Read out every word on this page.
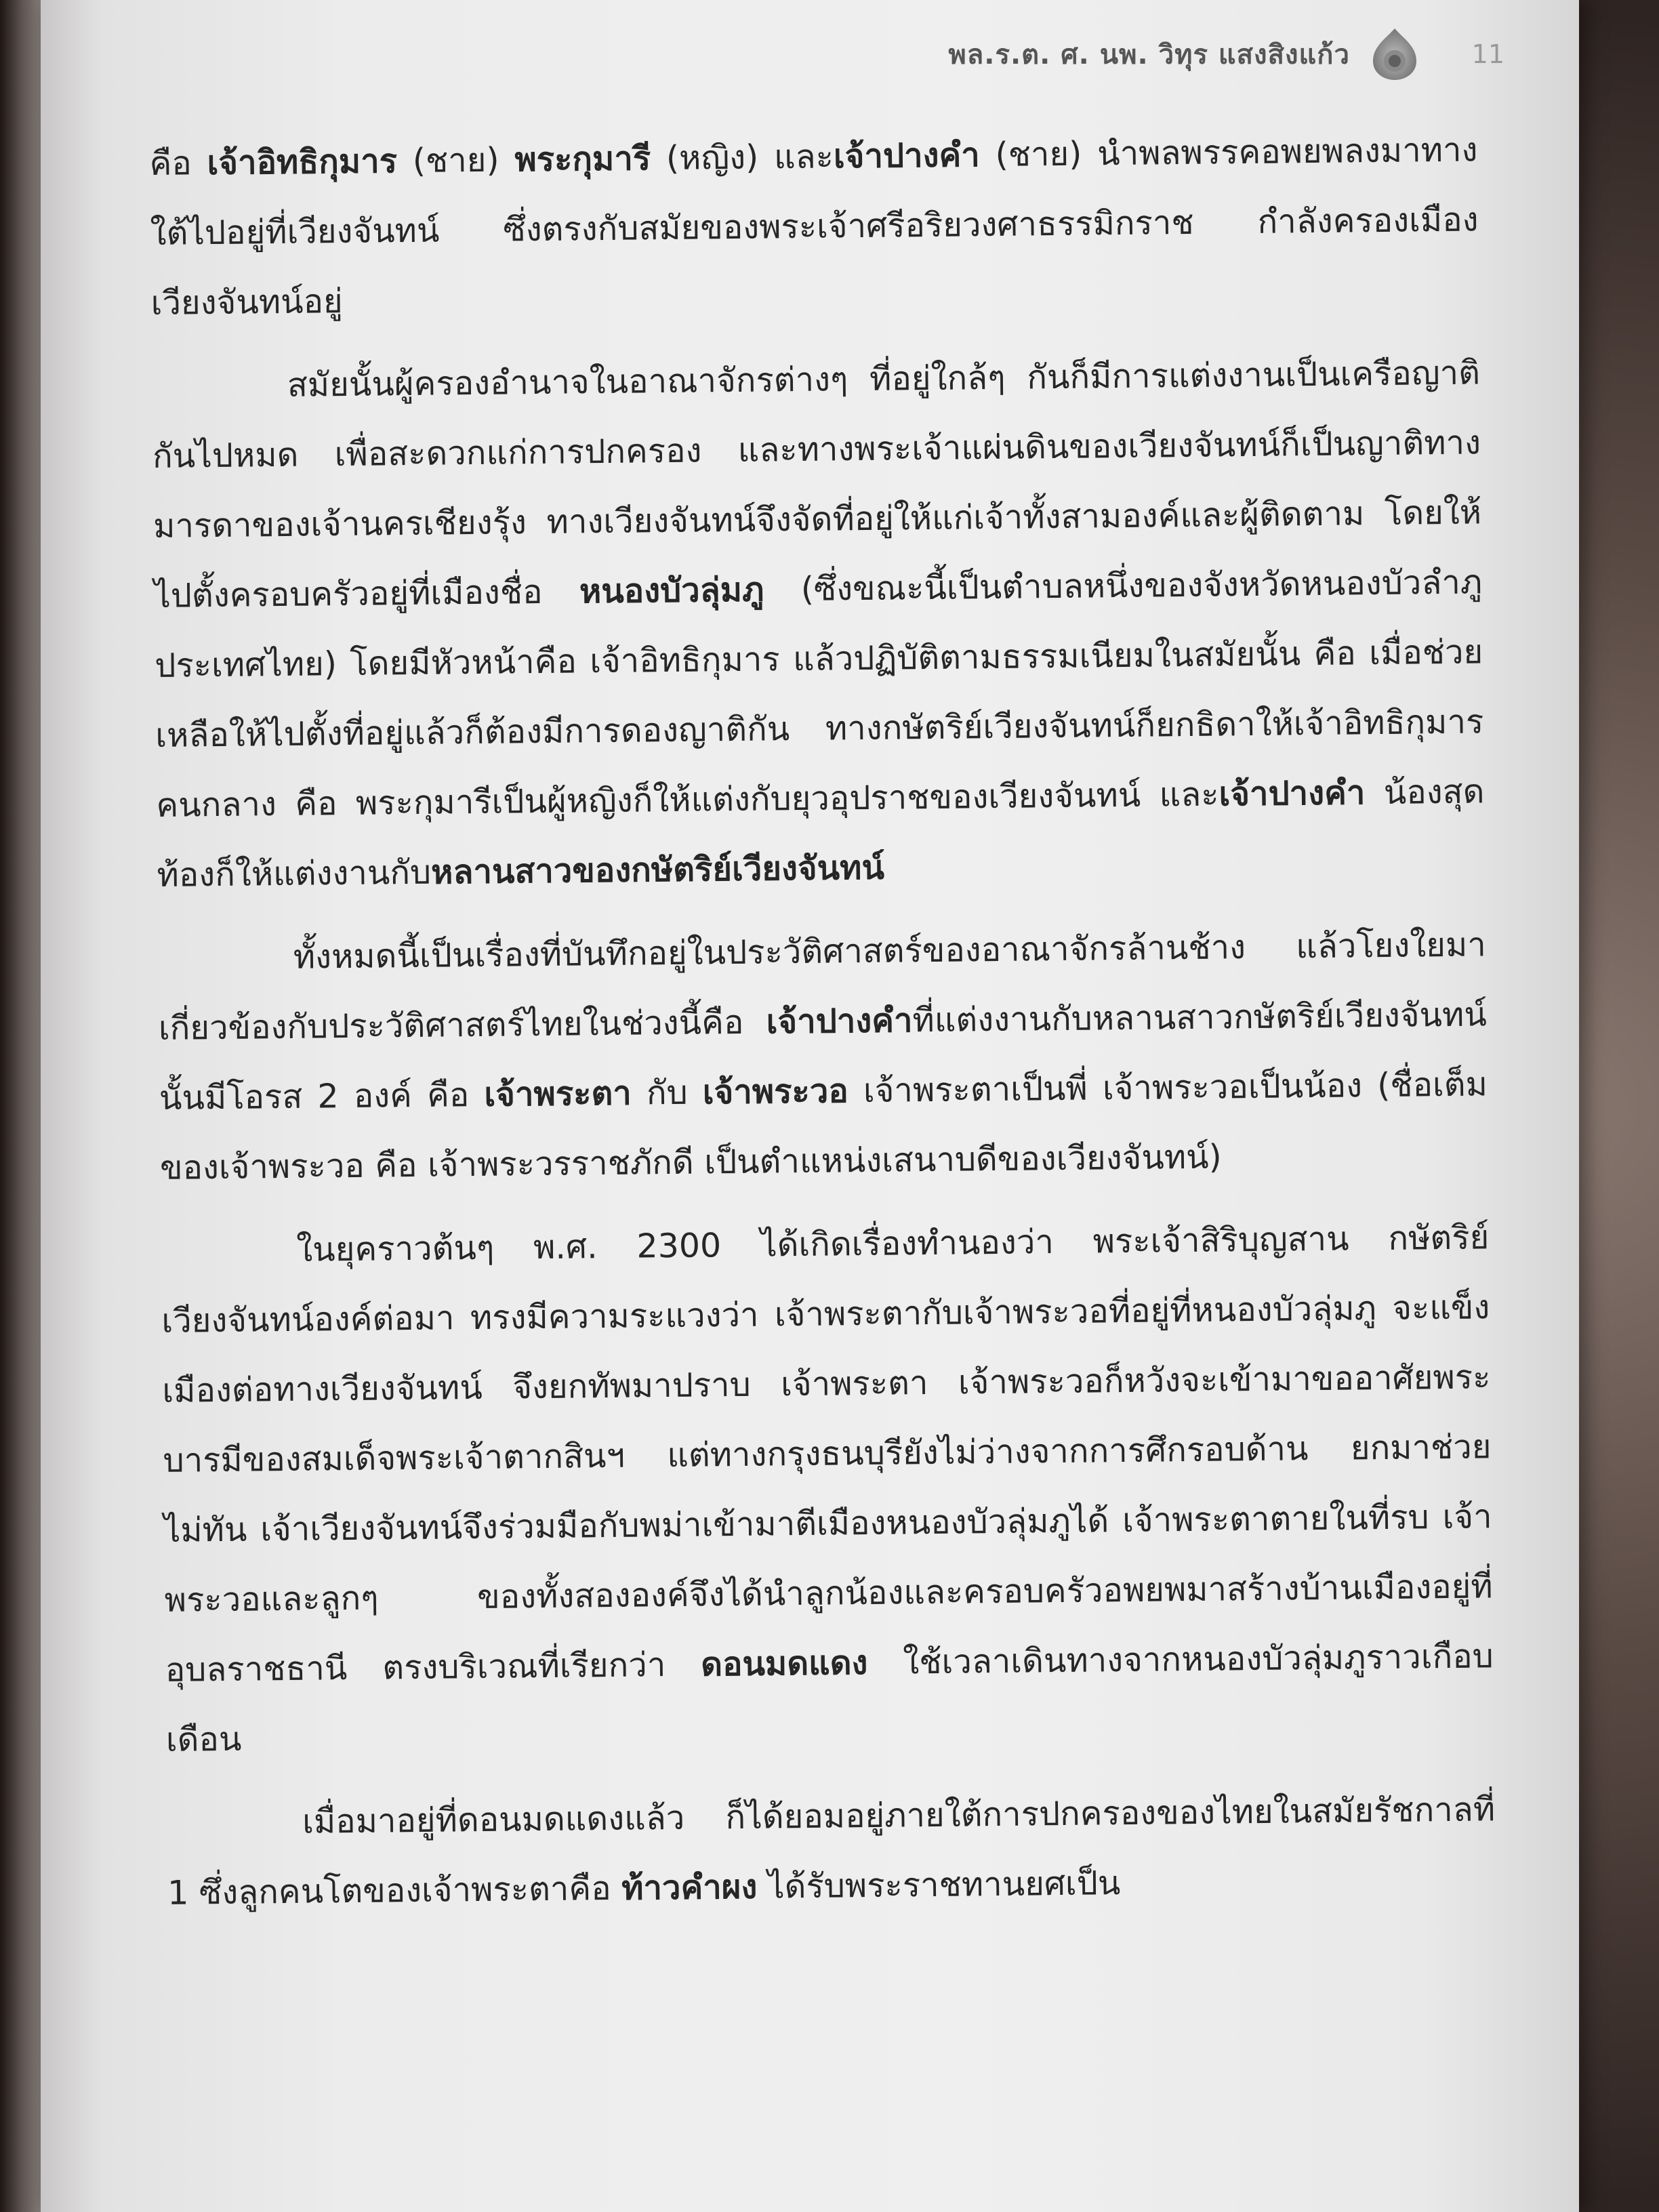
พล.ร.ต. ศ. นพ. วิทุร แสงสิงแก้ว	11

คือ เจ้าอิทธิกุมาร (ชาย) พระกุมารี (หญิง) และเจ้าปางคำ (ชาย) นำพลพรรคอพยพลงมาทางใต้ไปอยู่ที่เวียงจันทน์ ซึ่งตรงกับสมัยของพระเจ้าศรีอริยวงศาธรรมิกราช กำลังครองเมืองเวียงจันทน์อยู่

สมัยนั้นผู้ครองอำนาจในอาณาจักรต่างๆ ที่อยู่ใกล้ๆ กันก็มีการแต่งงานเป็นเครือญาติกันไปหมด เพื่อสะดวกแก่การปกครอง และทางพระเจ้าแผ่นดินของเวียงจันทน์ก็เป็นญาติทางมารดาของเจ้านครเชียงรุ้ง ทางเวียงจันทน์จึงจัดที่อยู่ให้แก่เจ้าทั้งสามองค์และผู้ติดตาม โดยให้ไปตั้งครอบครัวอยู่ที่เมืองชื่อ หนองบัวลุ่มภู (ซึ่งขณะนี้เป็นตำบลหนึ่งของจังหวัดหนองบัวลำภู ประเทศไทย) โดยมีหัวหน้าคือ เจ้าอิทธิกุมาร แล้วปฏิบัติตามธรรมเนียมในสมัยนั้น คือ เมื่อช่วยเหลือให้ไปตั้งที่อยู่แล้วก็ต้องมีการดองญาติกัน ทางกษัตริย์เวียงจันทน์ก็ยกธิดาให้เจ้าอิทธิกุมาร คนกลาง คือ พระกุมารีเป็นผู้หญิงก็ให้แต่งกับยุวอุปราชของเวียงจันทน์ และเจ้าปางคำ น้องสุดท้องก็ให้แต่งงานกับหลานสาวของกษัตริย์เวียงจันทน์

ทั้งหมดนี้เป็นเรื่องที่บันทึกอยู่ในประวัติศาสตร์ของอาณาจักรล้านช้าง แล้วโยงใยมาเกี่ยวข้องกับประวัติศาสตร์ไทยในช่วงนี้คือ เจ้าปางคำที่แต่งงานกับหลานสาวกษัตริย์เวียงจันทน์นั้นมีโอรส 2 องค์ คือ เจ้าพระตา กับ เจ้าพระวอ เจ้าพระตาเป็นพี่ เจ้าพระวอเป็นน้อง (ชื่อเต็มของเจ้าพระวอ คือ เจ้าพระวรราชภักดี เป็นตำแหน่งเสนาบดีของเวียงจันทน์)

ในยุคราวต้นๆ พ.ศ. 2300 ได้เกิดเรื่องทำนองว่า พระเจ้าสิริบุญสาน กษัตริย์เวียงจันทน์องค์ต่อมา ทรงมีความระแวงว่า เจ้าพระตากับเจ้าพระวอที่อยู่ที่หนองบัวลุ่มภู จะแข็งเมืองต่อทางเวียงจันทน์ จึงยกทัพมาปราบ เจ้าพระตา เจ้าพระวอก็หวังจะเข้ามาขออาศัยพระบารมีของสมเด็จพระเจ้าตากสินฯ แต่ทางกรุงธนบุรียังไม่ว่างจากการศึกรอบด้าน ยกมาช่วยไม่ทัน เจ้าเวียงจันทน์จึงร่วมมือกับพม่าเข้ามาตีเมืองหนองบัวลุ่มภูได้ เจ้าพระตาตายในที่รบ เจ้าพระวอและลูกๆ ของทั้งสององค์จึงได้นำลูกน้องและครอบครัวอพยพมาสร้างบ้านเมืองอยู่ที่อุบลราชธานี ตรงบริเวณที่เรียกว่า ดอนมดแดง ใช้เวลาเดินทางจากหนองบัวลุ่มภูราวเกือบเดือน

เมื่อมาอยู่ที่ดอนมดแดงแล้ว ก็ได้ยอมอยู่ภายใต้การปกครองของไทยในสมัยรัชกาลที่ 1 ซึ่งลูกคนโตของเจ้าพระตาคือ ท้าวคำผง ได้รับพระราชทานยศเป็น
